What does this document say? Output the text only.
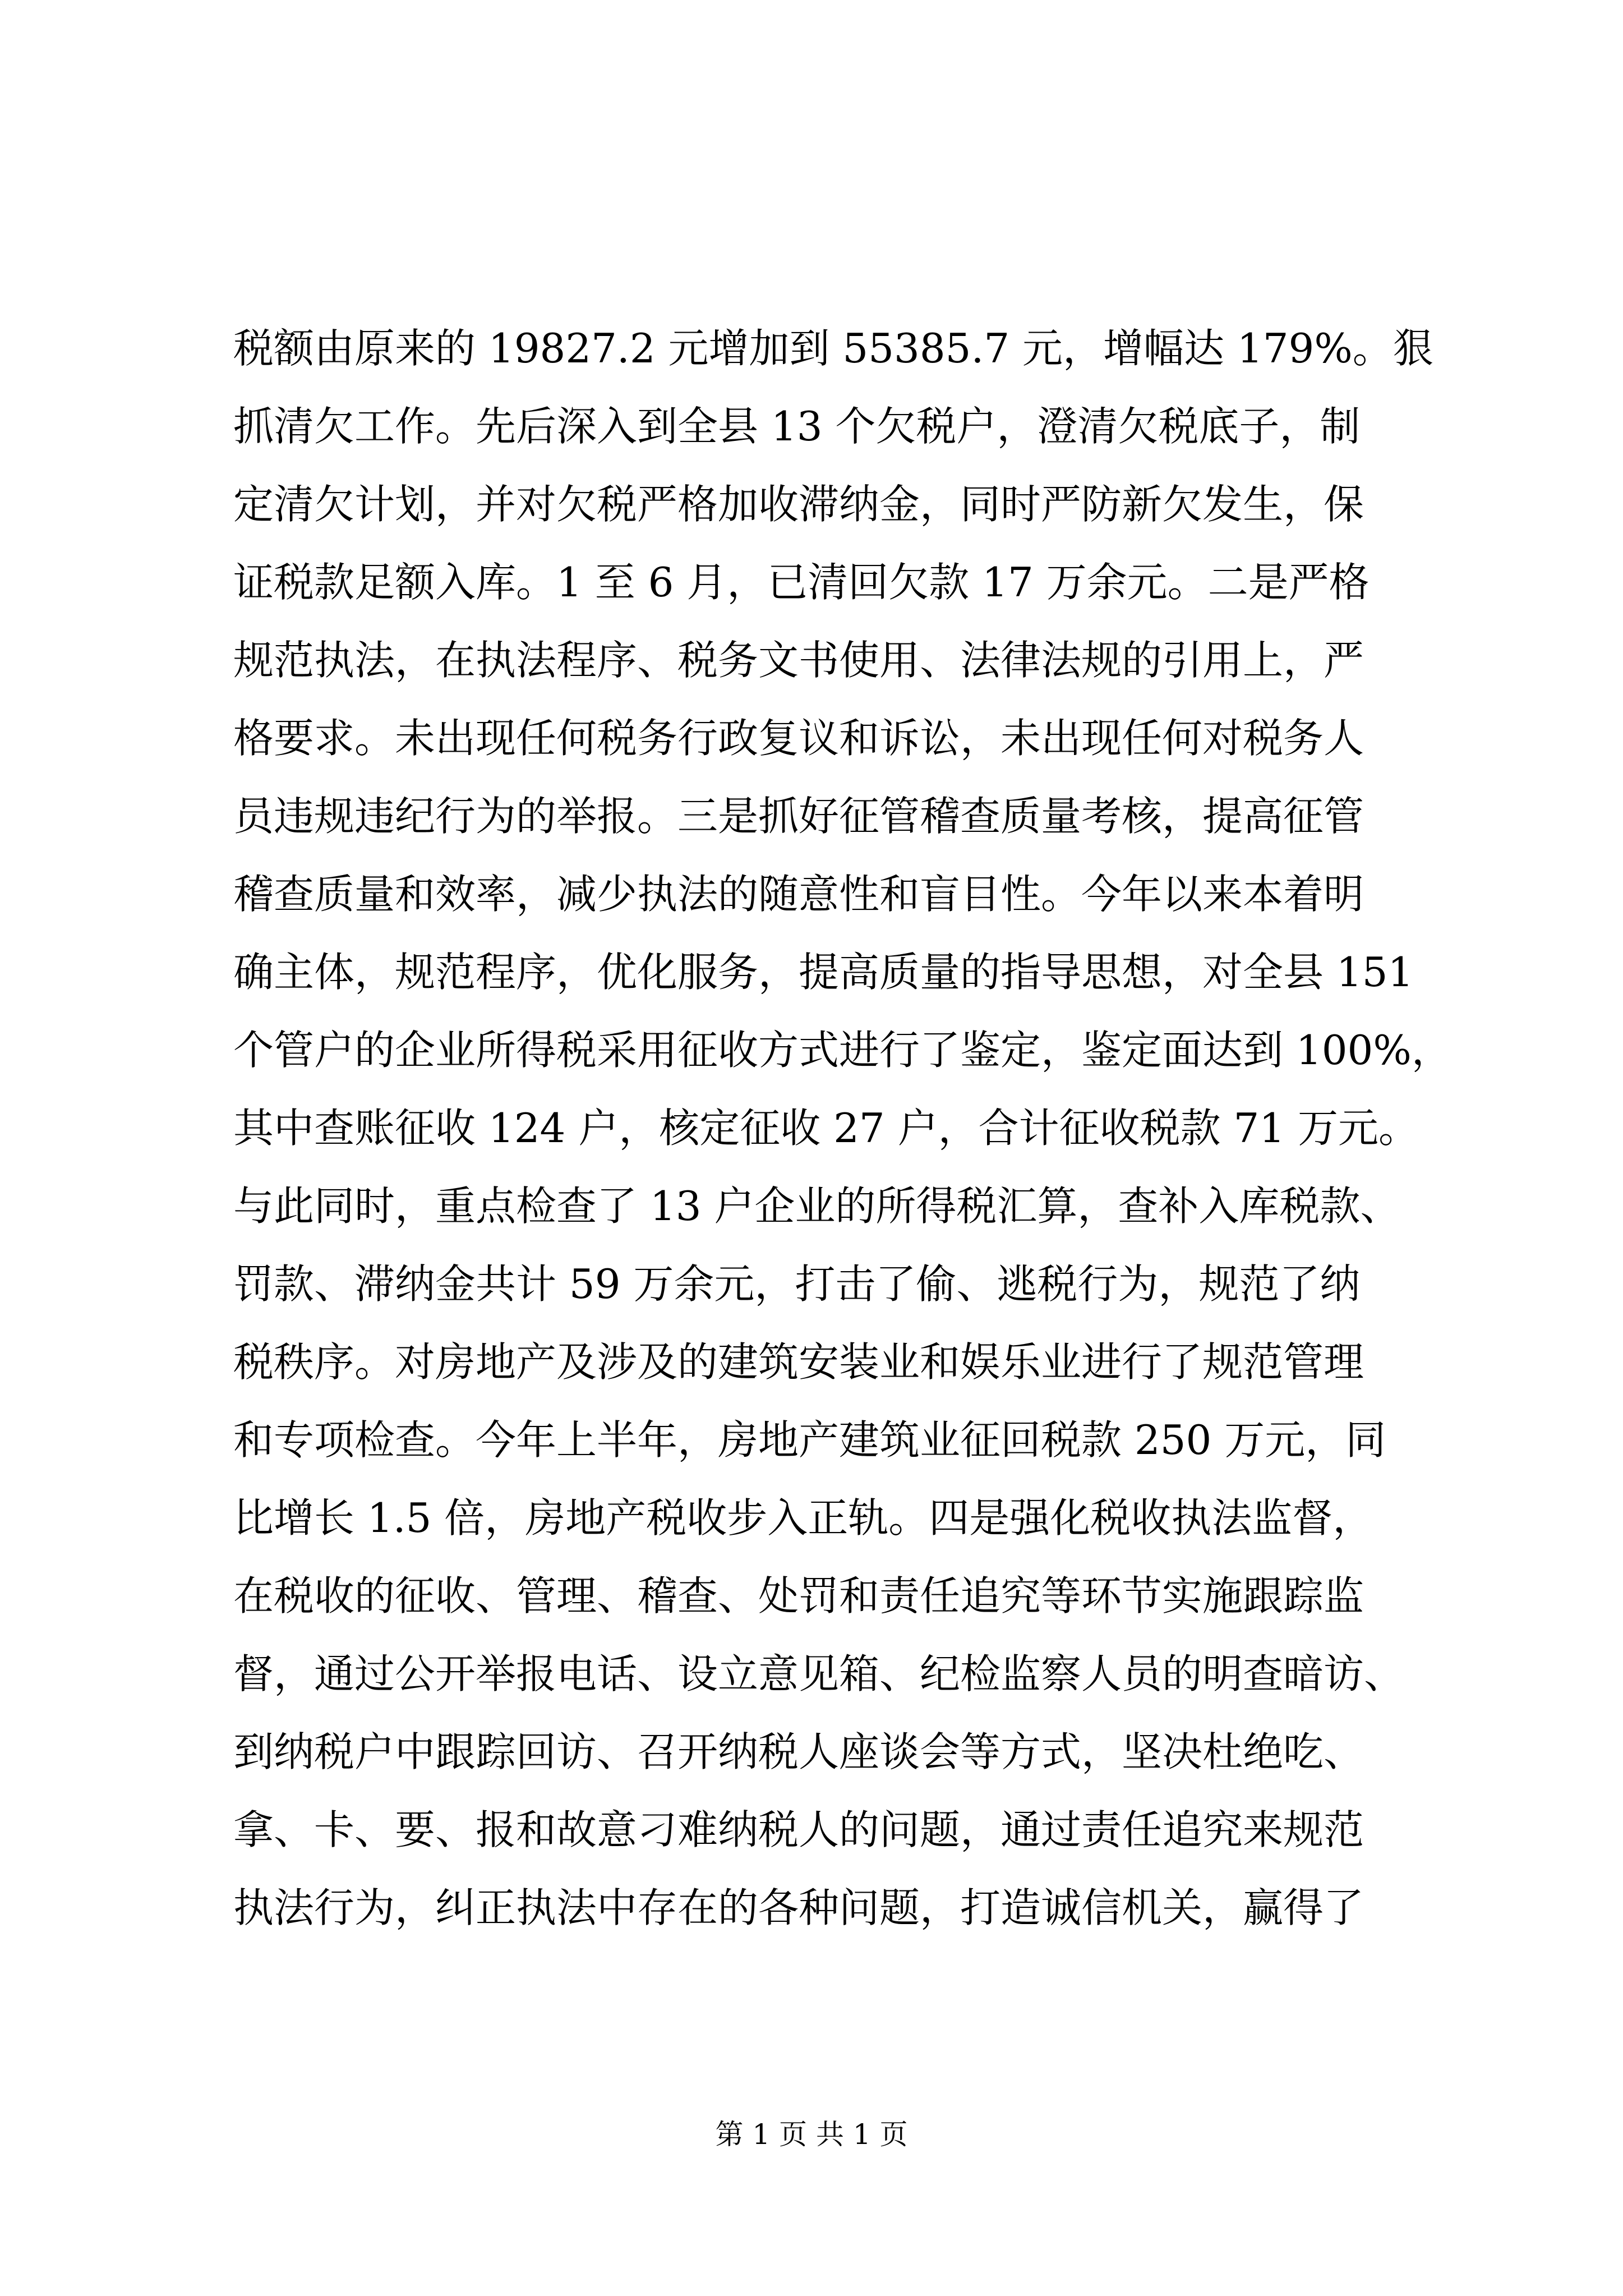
税额由原来的 19827.2 元增加到 55385.7 元，增幅达 179%。狠
抓清欠工作。先后深入到全县 13 个欠税户，澄清欠税底子，制
定清欠计划，并对欠税严格加收滞纳金，同时严防新欠发生，保
证税款足额入库。1 至 6 月，已清回欠款 17 万余元。二是严格
规范执法，在执法程序、税务文书使用、法律法规的引用上，严
格要求。未出现任何税务行政复议和诉讼，未出现任何对税务人
员违规违纪行为的举报。三是抓好征管稽查质量考核，提高征管
稽查质量和效率，减少执法的随意性和盲目性。今年以来本着明
确主体，规范程序，优化服务，提高质量的指导思想，对全县 151
个管户的企业所得税采用征收方式进行了鉴定，鉴定面达到 100%，
其中查账征收 124 户，核定征收 27 户，合计征收税款 71 万元。
与此同时，重点检查了 13 户企业的所得税汇算，查补入库税款、
罚款、滞纳金共计 59 万余元，打击了偷、逃税行为，规范了纳
税秩序。对房地产及涉及的建筑安装业和娱乐业进行了规范管理
和专项检查。今年上半年，房地产建筑业征回税款 250 万元，同
比增长 1.5 倍，房地产税收步入正轨。四是强化税收执法监督，
在税收的征收、管理、稽查、处罚和责任追究等环节实施跟踪监
督，通过公开举报电话、设立意见箱、纪检监察人员的明查暗访、
到纳税户中跟踪回访、召开纳税人座谈会等方式，坚决杜绝吃、
拿、卡、要、报和故意刁难纳税人的问题，通过责任追究来规范
执法行为，纠正执法中存在的各种问题，打造诚信机关，赢得了
第 1 页 共 1 页
